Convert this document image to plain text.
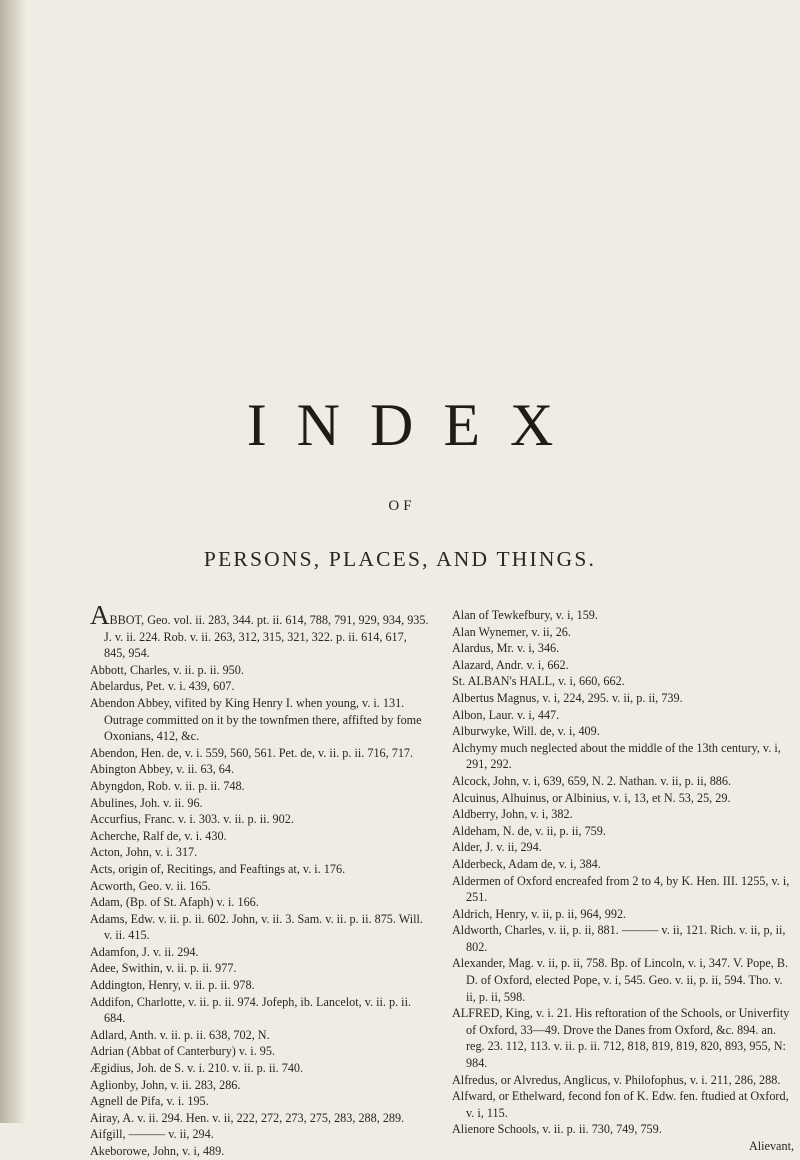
INDEX
OF
PERSONS, PLACES, AND THINGS.

ABBOT, Geo. vol. ii. 283, 344. pt. ii. 614, 788, 791, 929, 934, 935. J. v. ii. 224. Rob. v. ii. 263, 312, 315, 321, 322. p. ii. 614, 617, 845, 954.

Abbott, Charles, v. ii. p. ii. 950.

Abelardus, Pet. v. i. 439, 607.

Abendon Abbey, vifited by King Henry I. when young, v. i. 131. Outrage committed on it by the townfmen there, affifted by fome Oxonians, 412, &c.

Abendon, Hen. de, v. i. 559, 560, 561. Pet. de, v. ii. p. ii. 716, 717.

Abington Abbey, v. ii. 63, 64.

Abyngdon, Rob. v. ii. p. ii. 748.

Abulines, Joh. v. ii. 96.

Accurfius, Franc. v. i. 303. v. ii. p. ii. 902.

Acherche, Ralf de, v. i. 430.

Acton, John, v. i. 317.

Acts, origin of, Recitings, and Feaftings at, v. i. 176.

Acworth, Geo. v. ii. 165.

Adam, (Bp. of St. Afaph) v. i. 166.

Adams, Edw. v. ii. p. ii. 602. John, v. ii. 3. Sam. v. ii. p. ii. 875. Will. v. ii. 415.

Adamfon, J. v. ii. 294.

Adee, Swithin, v. ii. p. ii. 977.

Addington, Henry, v. ii. p. ii. 978.

Addifon, Charlotte, v. ii. p. ii. 974. Jofeph, ib. Lancelot, v. ii. p. ii. 684.

Adlard, Anth. v. ii. p. ii. 638, 702, N.

Adrian (Abbat of Canterbury) v. i. 95.

Ægidius, Joh. de S. v. i. 210. v. ii. p. ii. 740.

Aglionby, John, v. ii. 283, 286.

Agnell de Pifa, v. i. 195.

Airay, A. v. ii. 294. Hen. v. ii, 222, 272, 273, 275, 283, 288, 289.

Aifgill, ——— v. ii, 294.

Akeborowe, John, v. i, 489.

Alan of Tewkefbury, v. i, 159.

Alan Wynemer, v. ii, 26.

Alardus, Mr. v. i, 346.

Alazard, Andr. v. i, 662.

St. ALBAN's HALL, v. i, 660, 662.

Albertus Magnus, v. i, 224, 295. v. ii, p. ii, 739.

Albon, Laur. v. i, 447.

Alburwyke, Will. de, v. i, 409.

Alchymy much neglected about the middle of the 13th century, v. i, 291, 292.

Alcock, John, v. i, 639, 659, N. 2. Nathan. v. ii, p. ii, 886.

Alcuinus, Alhuinus, or Albinius, v. i, 13, et N. 53, 25, 29.

Aldberry, John, v. i, 382.

Aldeham, N. de, v. ii, p. ii, 759.

Alder, J. v. ii, 294.

Alderbeck, Adam de, v. i, 384.

Aldermen of Oxford encreafed from 2 to 4, by K. Hen. III. 1255, v. i, 251.

Aldrich, Henry, v. ii, p. ii, 964, 992.

Aldworth, Charles, v. ii, p. ii, 881. ——— v. ii, 121. Rich. v. ii, p, ii, 802.

Alexander, Mag. v. ii, p. ii, 758. Bp. of Lincoln, v. i, 347. V. Pope, B. D. of Oxford, elected Pope, v. i, 545. Geo. v. ii, p. ii, 594. Tho. v. ii, p. ii, 598.

ALFRED, King, v. i. 21. His reftoration of the Schools, or Univerfity of Oxford, 33—49. Drove the Danes from Oxford, &c. 894. an. reg. 23. 112, 113. v. ii. p. ii. 712, 818, 819, 819, 820, 893, 955, N: 984.

Alfredus, or Alvredus, Anglicus, v. Philofophus, v. i. 211, 286, 288.

Alfward, or Ethelward, fecond fon of K. Edw. fen. ftudied at Oxford, v. i, 115.

Alienore Schools, v. ii. p. ii. 730, 749, 759.

Alievant,
